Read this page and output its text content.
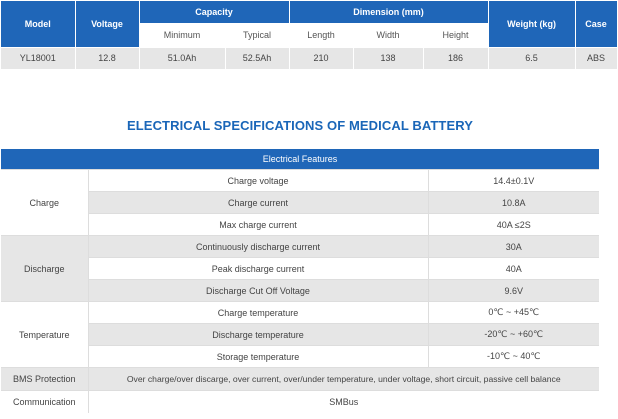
Model	Voltage	Capacity		Dimension (mm)			Weight (kg)	Case
		Minimum	Typical	Length	Width	Height		
YL18001	12.8	51.0Ah	52.5Ah	210	138	186	6.5	ABS
ELECTRICAL SPECIFICATIONS OF MEDICAL BATTERY
Electrical Features		
Charge	Charge voltage	14.4±0.1V
	Charge current	10.8A
	Max charge current	40A ≤2S
Discharge	Continuously discharge current	30A
	Peak discharge current	40A
	Discharge Cut Off Voltage	9.6V
Temperature	Charge temperature	0℃ ~ +45℃
	Discharge temperature	-20℃ ~ +60℃
	Storage temperature	-10℃ ~ 40℃
BMS Protection	Over charge/over discarge, over current, over/under temperature, under voltage, short circuit, passive cell balance	
Communication	SMBus	
